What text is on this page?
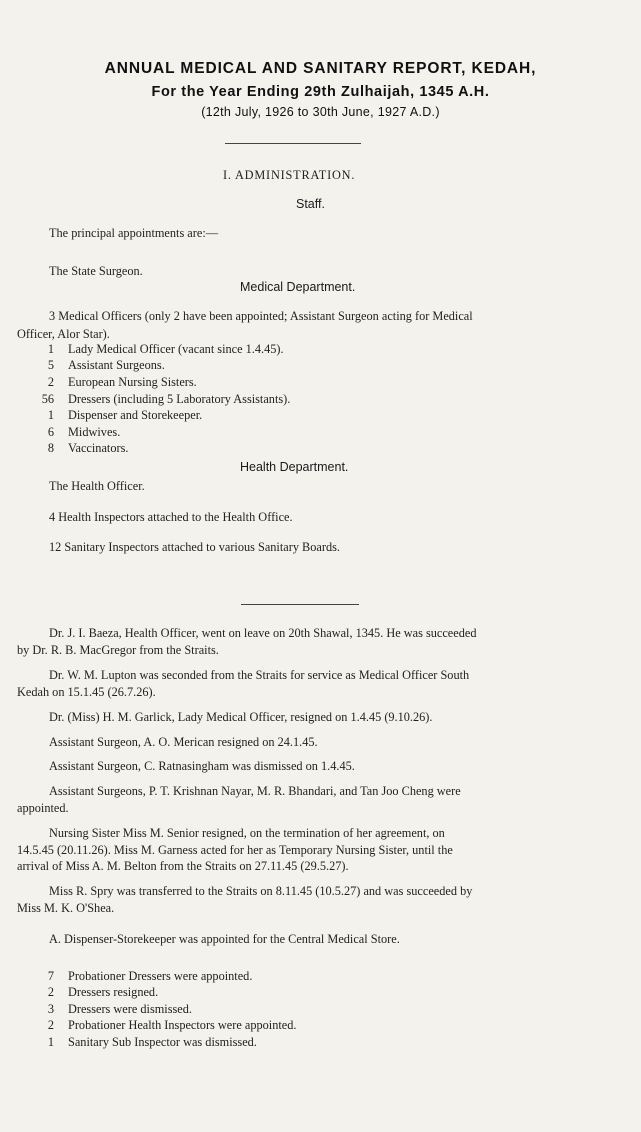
ANNUAL MEDICAL AND SANITARY REPORT, KEDAH,
For the Year Ending 29th Zulhaijah, 1345 A.H.
(12th July, 1926 to 30th June, 1927 A.D.)
I. ADMINISTRATION.
Staff.
The principal appointments are:—
The State Surgeon.
Medical Department.
3 Medical Officers (only 2 have been appointed; Assistant Surgeon acting for Medical
Officer, Alor Star).
1 Lady Medical Officer (vacant since 1.4.45).
5 Assistant Surgeons.
2 European Nursing Sisters.
56 Dressers (including 5 Laboratory Assistants).
1 Dispenser and Storekeeper.
6 Midwives.
8 Vaccinators.
Health Department.
The Health Officer.
4 Health Inspectors attached to the Health Office.
12 Sanitary Inspectors attached to various Sanitary Boards.
Dr. J. I. Baeza, Health Officer, went on leave on 20th Shawal, 1345. He was succeeded
by Dr. R. B. MacGregor from the Straits.
Dr. W. M. Lupton was seconded from the Straits for service as Medical Officer South
Kedah on 15.1.45 (26.7.26).
Dr. (Miss) H. M. Garlick, Lady Medical Officer, resigned on 1.4.45 (9.10.26).
Assistant Surgeon, A. O. Merican resigned on 24.1.45.
Assistant Surgeon, C. Ratnasingham was dismissed on 1.4.45.
Assistant Surgeons, P. T. Krishnan Nayar, M. R. Bhandari, and Tan Joo Cheng were
appointed.
Nursing Sister Miss M. Senior resigned, on the termination of her agreement, on
14.5.45 (20.11.26). Miss M. Garness acted for her as Temporary Nursing Sister, until the
arrival of Miss A. M. Belton from the Straits on 27.11.45 (29.5.27).
Miss R. Spry was transferred to the Straits on 8.11.45 (10.5.27) and was succeeded by
Miss M. K. O'Shea.
A. Dispenser-Storekeeper was appointed for the Central Medical Store.
7 Probationer Dressers were appointed.
2 Dressers resigned.
3 Dressers were dismissed.
2 Probationer Health Inspectors were appointed.
1 Sanitary Sub Inspector was dismissed.
